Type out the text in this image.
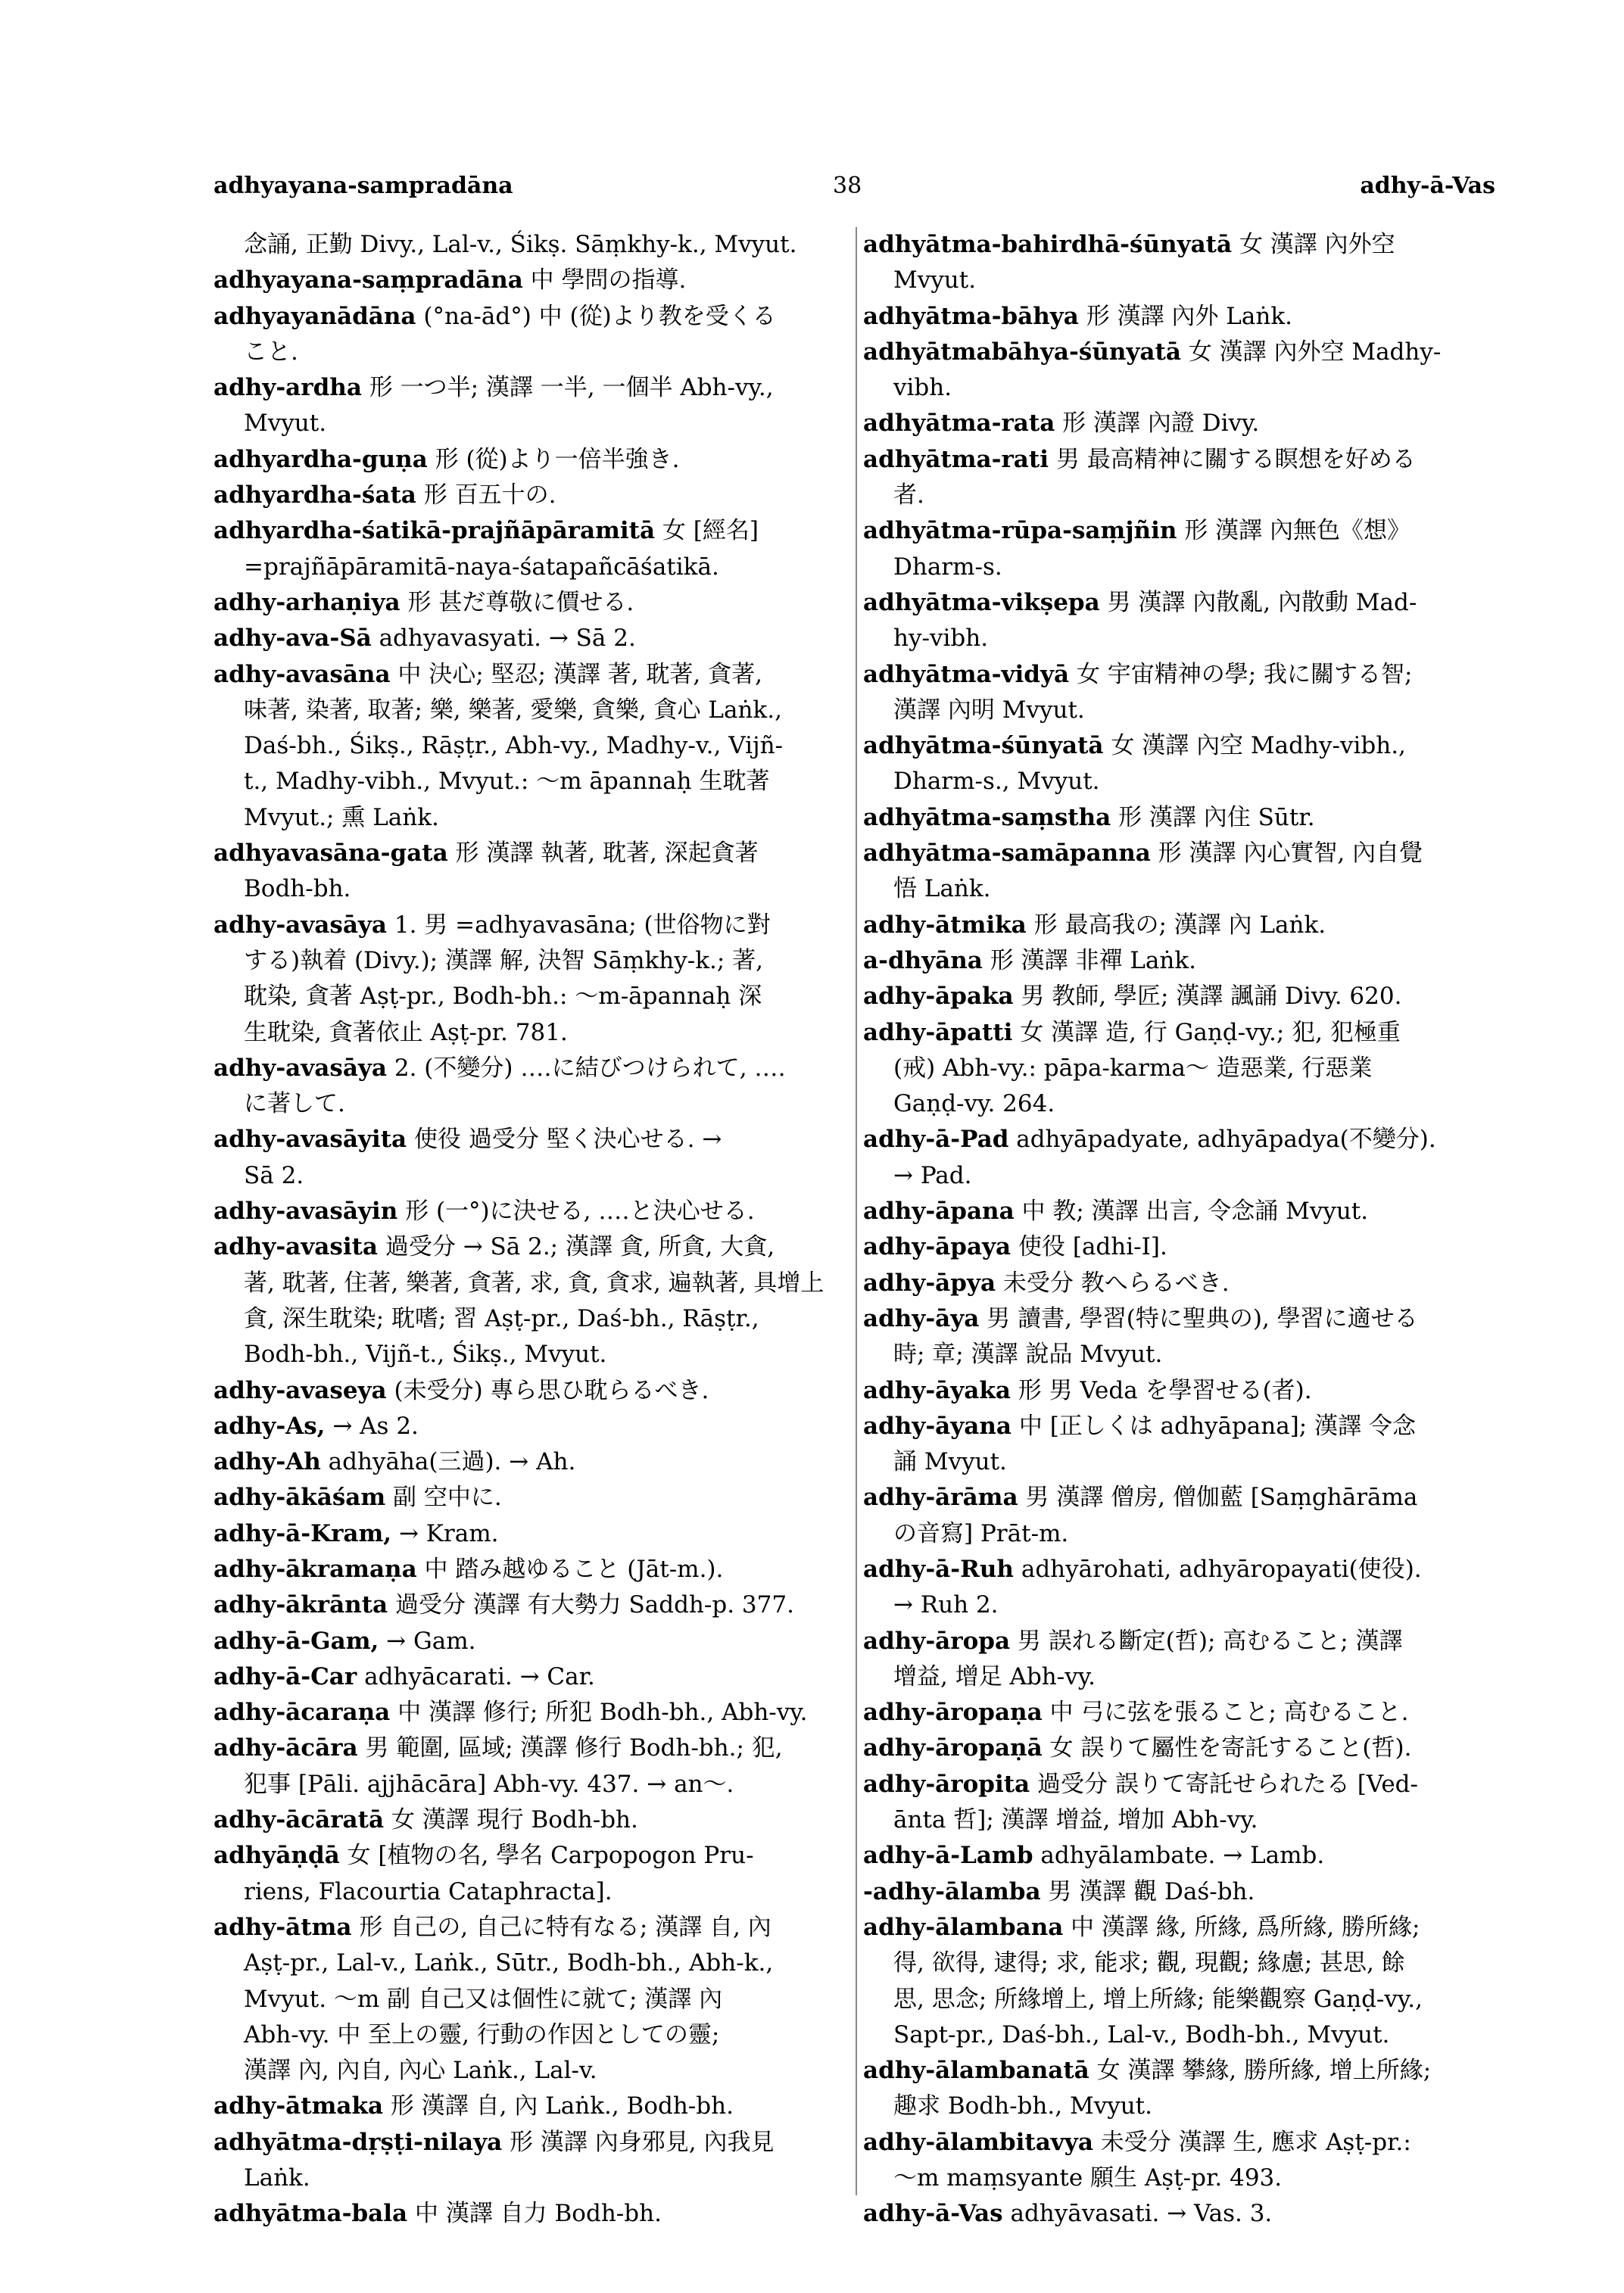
adhyayana-sampradāna	38	adhy-ā-Vas
念誦, 正勤 Divy., Lal-v., Śikṣ. Sāṃkhy-k., Mvyut.
adhyayana-saṃpradāna 中 學問の指導.
adhyayanādāna (°na-ād°) 中 (從)より教を受くる
こと.
adhy-ardha 形 一つ半; 漢譯 一半, 一個半 Abh-vy.,
Mvyut.
adhyardha-guṇa 形 (從)より一倍半強き.
adhyardha-śata 形 百五十の.
adhyardha-śatikā-prajñāpāramitā 女 [經名]
=prajñāpāramitā-naya-śatapañcāśatikā.
adhy-arhaṇiya 形 甚だ尊敬に價せる.
adhy-ava-Sā adhyavasyati. → Sā 2.
adhy-avasāna 中 決心; 堅忍; 漢譯 著, 耽著, 貪著,
味著, 染著, 取著; 樂, 樂著, 愛樂, 貪樂, 貪心 Laṅk.,
Daś-bh., Śikṣ., Rāṣṭr., Abh-vy., Madhy-v., Vijñ-
t., Madhy-vibh., Mvyut.: ～m āpannaḥ 生耽著
Mvyut.; 熏 Laṅk.
adhyavasāna-gata 形 漢譯 執著, 耽著, 深起貪著
Bodh-bh.
adhy-avasāya 1. 男 =adhyavasāna; (世俗物に對
する)執着 (Divy.); 漢譯 解, 決智 Sāṃkhy-k.; 著,
耽染, 貪著 Aṣṭ-pr., Bodh-bh.: ～m-āpannaḥ 深
生耽染, 貪著依止 Aṣṭ-pr. 781.
adhy-avasāya 2. (不變分) ‥‥に結びつけられて, ‥‥
に著して.
adhy-avasāyita 使役 過受分 堅く決心せる. →
Sā 2.
adhy-avasāyin 形 (一°)に決せる, ‥‥と決心せる.
adhy-avasita 過受分 → Sā 2.; 漢譯 貪, 所貪, 大貪,
著, 耽著, 住著, 樂著, 貪著, 求, 貪, 貪求, 遍執著, 具增上
貪, 深生耽染; 耽嗜; 習 Aṣṭ-pr., Daś-bh., Rāṣṭr.,
Bodh-bh., Vijñ-t., Śikṣ., Mvyut.
adhy-avaseya (未受分) 專ら思ひ耽らるべき.
adhy-As, → As 2.
adhy-Ah adhyāha(三過). → Ah.
adhy-ākāśam 副 空中に.
adhy-ā-Kram, → Kram.
adhy-ākramaṇa 中 踏み越ゆること (Jāt-m.).
adhy-ākrānta 過受分 漢譯 有大勢力 Saddh-p. 377.
adhy-ā-Gam, → Gam.
adhy-ā-Car adhyācarati. → Car.
adhy-ācaraṇa 中 漢譯 修行; 所犯 Bodh-bh., Abh-vy.
adhy-ācāra 男 範圍, 區域; 漢譯 修行 Bodh-bh.; 犯,
犯事 [Pāli. ajjhācāra] Abh-vy. 437. → an～.
adhy-ācāratā 女 漢譯 現行 Bodh-bh.
adhyāṇḍā 女 [植物の名, 學名 Carpopogon Pru-
riens, Flacourtia Cataphracta].
adhy-ātma 形 自己の, 自己に特有なる; 漢譯 自, 內
Aṣṭ-pr., Lal-v., Laṅk., Sūtr., Bodh-bh., Abh-k.,
Mvyut. ～m 副 自己又は個性に就て; 漢譯 內
Abh-vy. 中 至上の靈, 行動の作因としての靈;
漢譯 內, 內自, 內心 Laṅk., Lal-v.
adhy-ātmaka 形 漢譯 自, 內 Laṅk., Bodh-bh.
adhyātma-dṛṣṭi-nilaya 形 漢譯 內身邪見, 內我見
Laṅk.
adhyātma-bala 中 漢譯 自力 Bodh-bh.
adhyātma-bahirdhā-śūnyatā 女 漢譯 內外空
Mvyut.
adhyātma-bāhya 形 漢譯 內外 Laṅk.
adhyātmabāhya-śūnyatā 女 漢譯 內外空 Madhy-
vibh.
adhyātma-rata 形 漢譯 內證 Divy.
adhyātma-rati 男 最高精神に關する瞑想を好める
者.
adhyātma-rūpa-saṃjñin 形 漢譯 內無色《想》
Dharm-s.
adhyātma-vikṣepa 男 漢譯 內散亂, 內散動 Mad-
hy-vibh.
adhyātma-vidyā 女 宇宙精神の學; 我に關する智;
漢譯 內明 Mvyut.
adhyātma-śūnyatā 女 漢譯 內空 Madhy-vibh.,
Dharm-s., Mvyut.
adhyātma-saṃstha 形 漢譯 內住 Sūtr.
adhyātma-samāpanna 形 漢譯 內心實智, 內自覺
悟 Laṅk.
adhy-ātmika 形 最高我の; 漢譯 內 Laṅk.
a-dhyāna 形 漢譯 非禪 Laṅk.
adhy-āpaka 男 教師, 學匠; 漢譯 諷誦 Divy. 620.
adhy-āpatti 女 漢譯 造, 行 Gaṇḍ-vy.; 犯, 犯極重
(戒) Abh-vy.: pāpa-karma～ 造惡業, 行惡業
Gaṇḍ-vy. 264.
adhy-ā-Pad adhyāpadyate, adhyāpadya(不變分).
→ Pad.
adhy-āpana 中 教; 漢譯 出言, 令念誦 Mvyut.
adhy-āpaya 使役 [adhi-I].
adhy-āpya 未受分 教へらるべき.
adhy-āya 男 讀書, 學習(特に聖典の), 學習に適せる
時; 章; 漢譯 說品 Mvyut.
adhy-āyaka 形 男 Veda を學習せる(者).
adhy-āyana 中 [正しくは adhyāpana]; 漢譯 令念
誦 Mvyut.
adhy-ārāma 男 漢譯 僧房, 僧伽藍 [Saṃghārāma
の音寫] Prāt-m.
adhy-ā-Ruh adhyārohati, adhyāropayati(使役).
→ Ruh 2.
adhy-āropa 男 誤れる斷定(哲); 高むること; 漢譯
增益, 增足 Abh-vy.
adhy-āropaṇa 中 弓に弦を張ること; 高むること.
adhy-āropaṇā 女 誤りて屬性を寄託すること(哲).
adhy-āropita 過受分 誤りて寄託せられたる [Ved-
ānta 哲]; 漢譯 增益, 增加 Abh-vy.
adhy-ā-Lamb adhyālambate. → Lamb.
-adhy-ālamba 男 漢譯 觀 Daś-bh.
adhy-ālambana 中 漢譯 緣, 所緣, 爲所緣, 勝所緣;
得, 欲得, 逮得; 求, 能求; 觀, 現觀; 緣慮; 甚思, 餘
思, 思念; 所緣增上, 增上所緣; 能樂觀察 Gaṇḍ-vy.,
Sapt-pr., Daś-bh., Lal-v., Bodh-bh., Mvyut.
adhy-ālambanatā 女 漢譯 攀緣, 勝所緣, 增上所緣;
趣求 Bodh-bh., Mvyut.
adhy-ālambitavya 未受分 漢譯 生, 應求 Aṣṭ-pr.:
～m maṃsyante 願生 Aṣṭ-pr. 493.
adhy-ā-Vas adhyāvasati. → Vas. 3.
